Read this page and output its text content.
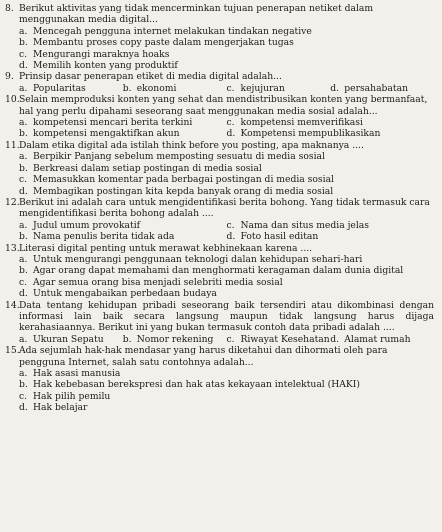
8. Berikut aktivitas yang tidak mencerminkan tujuan penerapan netiket dalam menggunakan media digital...
a. Mencegah pengguna internet melakukan tindakan negative
b. Membantu proses copy paste dalam mengerjakan tugas
c. Mengurangi maraknya hoaks
d. Memilih konten yang produktif
9. Prinsip dasar penerapan etiket di media digital adalah...
a. Popularitas	b. ekonomi	c. kejujuran	d. persahabatan
10.Selain memproduksi konten yang sehat dan mendistribusikan konten yang bermanfaat, hal yang perlu dipahami seseorang saat menggunakan media sosial adalah...
a. kompetensi mencari berita terkini	c. kompetensi memverifikasi
b. kompetensi mengaktifkan akun	d. Kompetensi mempublikasikan
11.Dalam etika digital ada istilah think before you posting, apa maknanya ....
a. Berpikir Panjang sebelum memposting sesuatu di media sosial
b. Berkreasi dalam setiap postingan di media sosial
c. Memasukkan komentar pada berbagai postingan di media sosial
d. Membagikan postingan kita kepda banyak orang di media sosial
12.Berikut ini adalah cara untuk mengidentifikasi berita bohong. Yang tidak termasuk cara mengidentifikasi berita bohong adalah ....
a. Judul umum provokatif	c. Nama dan situs media jelas
b. Nama penulis berita tidak ada	d. Foto hasil editan
13.Literasi digital penting untuk merawat kebhinekaan karena ....
a. Untuk mengurangi penggunaan teknologi dalan kehidupan sehari-hari
b. Agar orang dapat memahami dan menghormati keragaman dalam dunia digital
c. Agar semua orang bisa menjadi selebriti media sosial
d. Untuk mengabaikan perbedaan budaya
14.Data tentang kehidupan pribadi seseorang baik tersendiri atau dikombinasi dengan informasi lain baik secara langsung maupun tidak langsung harus dijaga kerahasiaannya. Berikut ini yang bukan termasuk contoh data pribadi adalah ....
a. Ukuran Sepatu	b. Nomor rekening	c. Riwayat Kesehatan d. Alamat rumah
15.Ada sejumlah hak-hak mendasar yang harus diketahui dan dihormati oleh para pengguna Internet, salah satu contohnya adalah...
a. Hak asasi manusia
b. Hak kebebasan berekspresi dan hak atas kekayaan intelektual (HAKI)
c. Hak pilih pemilu
d. Hak belajar
